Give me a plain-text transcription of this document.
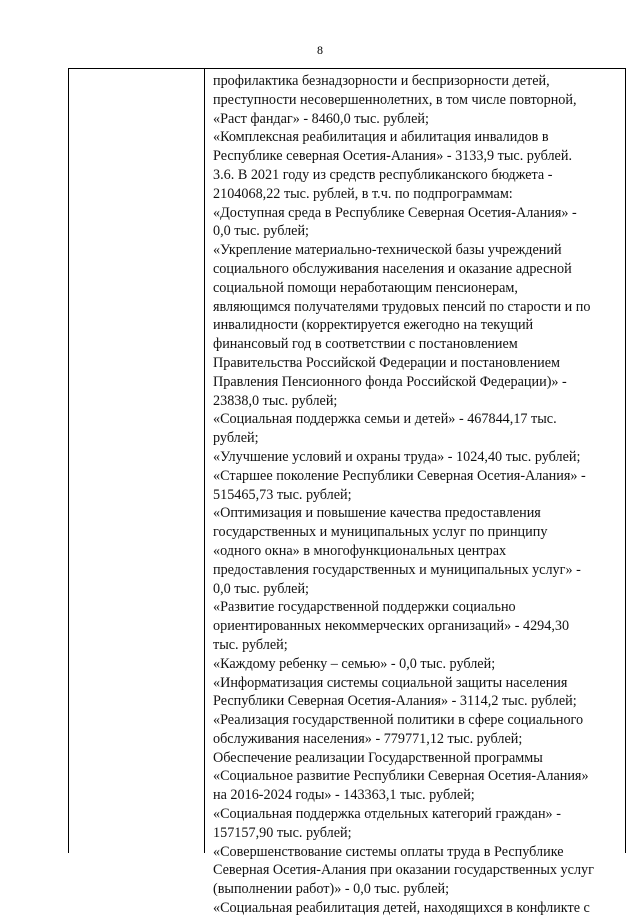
8
профилактика безнадзорности и беспризорности детей,
преступности несовершеннолетних, в том числе повторной,
«Раст фандаг» - 8460,0 тыс. рублей;
«Комплексная реабилитация и абилитация инвалидов в
Республике северная Осетия-Алания» - 3133,9 тыс. рублей.
3.6. В 2021 году из средств республиканского бюджета -
2104068,22 тыс. рублей, в т.ч. по подпрограммам:
«Доступная среда в Республике Северная Осетия-Алания» -
0,0 тыс. рублей;
«Укрепление материально-технической базы учреждений
социального обслуживания населения и оказание адресной
социальной помощи неработающим пенсионерам,
являющимся получателями трудовых пенсий по старости и по
инвалидности (корректируется ежегодно на текущий
финансовый год в соответствии с постановлением
Правительства Российской Федерации и постановлением
Правления Пенсионного фонда Российской Федерации)» -
23838,0 тыс. рублей;
«Социальная поддержка семьи и детей» - 467844,17 тыс.
рублей;
«Улучшение условий и охраны труда» - 1024,40 тыс. рублей;
«Старшее поколение Республики Северная Осетия-Алания» -
515465,73 тыс. рублей;
«Оптимизация и повышение качества предоставления
государственных и муниципальных услуг по принципу
«одного окна» в многофункциональных центрах
предоставления государственных и муниципальных услуг» -
0,0 тыс. рублей;
«Развитие государственной поддержки социально
ориентированных некоммерческих организаций» - 4294,30
тыс. рублей;
«Каждому ребенку – семью» - 0,0 тыс. рублей;
«Информатизация системы социальной защиты населения
Республики Северная Осетия-Алания» - 3114,2 тыс. рублей;
«Реализация государственной политики в сфере социального
обслуживания населения» - 779771,12 тыс. рублей;
Обеспечение реализации Государственной программы
«Социальное развитие Республики Северная Осетия-Алания»
на 2016-2024 годы» - 143363,1 тыс. рублей;
«Социальная поддержка отдельных категорий граждан» -
157157,90 тыс. рублей;
«Совершенствование системы оплаты труда в Республике
Северная Осетия-Алания при оказании государственных услуг
(выполнении работ)» - 0,0 тыс. рублей;
«Социальная реабилитация детей, находящихся в конфликте с
